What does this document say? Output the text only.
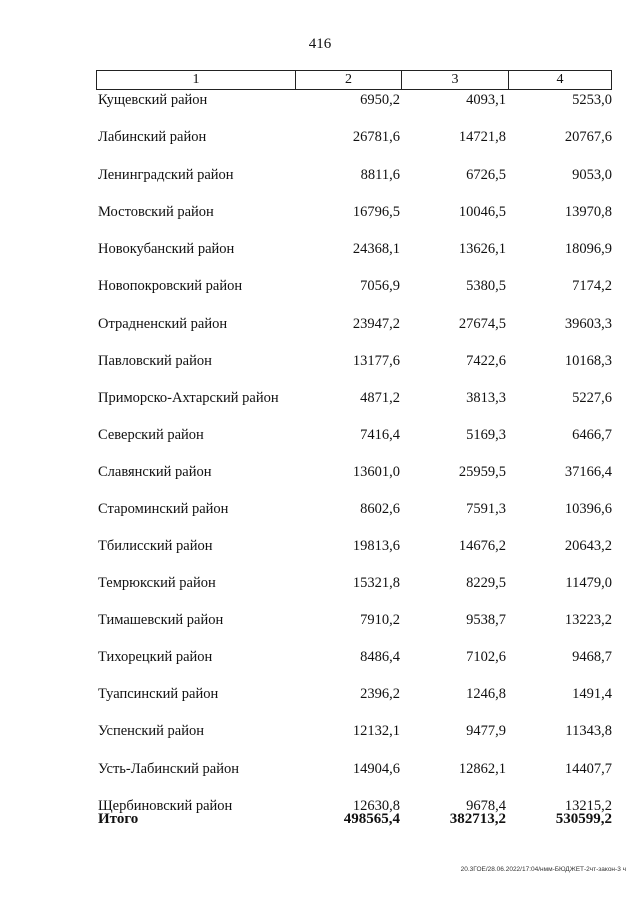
416
1	2	3	4
Кущевский район	6950,2	4093,1	5253,0
Лабинский район	26781,6	14721,8	20767,6
Ленинградский район	8811,6	6726,5	9053,0
Мостовский район	16796,5	10046,5	13970,8
Новокубанский район	24368,1	13626,1	18096,9
Новопокровский район	7056,9	5380,5	7174,2
Отрадненский район	23947,2	27674,5	39603,3
Павловский район	13177,6	7422,6	10168,3
Приморско-Ахтарский район	4871,2	3813,3	5227,6
Северский район	7416,4	5169,3	6466,7
Славянский район	13601,0	25959,5	37166,4
Староминский район	8602,6	7591,3	10396,6
Тбилисский район	19813,6	14676,2	20643,2
Темрюкский район	15321,8	8229,5	11479,0
Тимашевский район	7910,2	9538,7	13223,2
Тихорецкий район	8486,4	7102,6	9468,7
Туапсинский район	2396,2	1246,8	1491,4
Успенский район	12132,1	9477,9	11343,8
Усть-Лабинский район	14904,6	12862,1	14407,7
Щербиновский район	12630,8	9678,4	13215,2
Итого	498565,4	382713,2	530599,2
20.3ГОЕ/28.06.2022/17:04/нмм-БЮДЖЕТ-2чт-закон-3 ч
